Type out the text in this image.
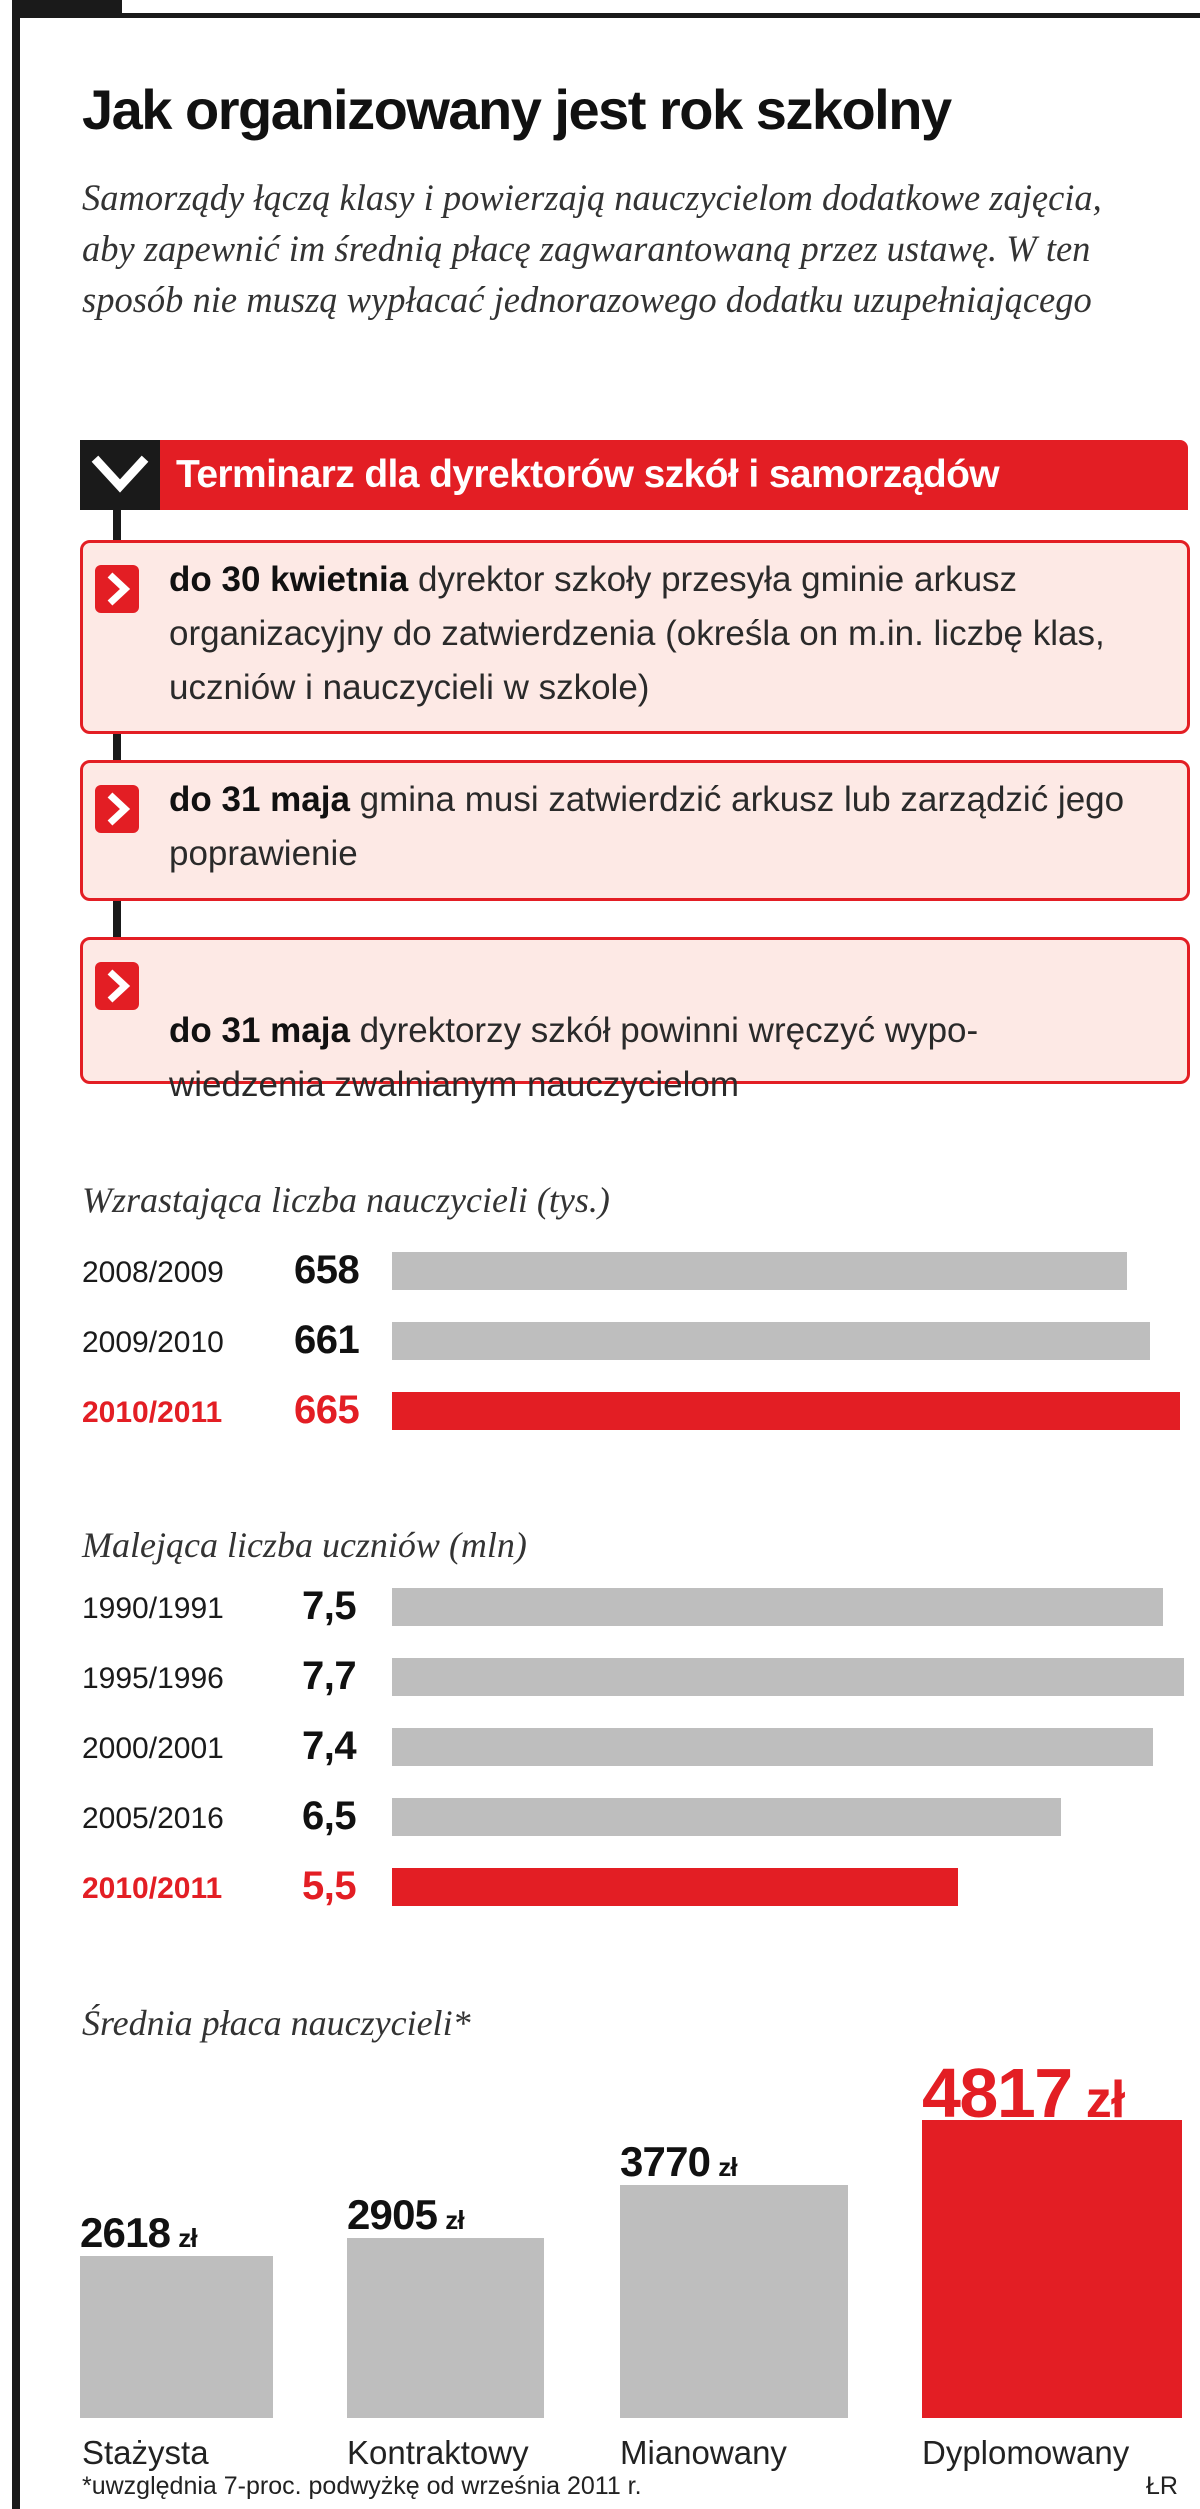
Jak organizowany jest rok szkolny

Samorządy łączą klasy i powierzają nauczycielom dodatkowe zajęcia, aby zapewnić im średnią płacę zagwarantowaną przez ustawę. W ten sposób nie muszą wypłacać jednorazowego dodatku uzupełniającego

Terminarz dla dyrektorów szkół i samorządów

do 30 kwietnia dyrektor szkoły przesyła gminie arkusz organizacyjny do zatwierdzenia (określa on m.in. liczbę klas, uczniów i nauczycieli w szkole)

do 31 maja gmina musi zatwierdzić arkusz lub zarządzić jego poprawienie

do 31 maja dyrektorzy szkół powinni wręczyć wypo-
wiedzenia zwalnianym nauczycielom

Wzrastająca liczba nauczycieli (tys.)
Malejąca liczba uczniów (mln)
Średnia płaca nauczycieli*
*uwzględnia 7-proc. podwyżkę od września 2011 r.	ŁR
2008/2009 658
2009/2010 661
2010/2011 665
1990/1991 7,5
1995/1996 7,7
2000/2001 7,4
2005/2016 6,5
2010/2011 5,5
2618 zł
Stażysta
2905 zł
Kontraktowy
3770 zł
Mianowany
4817 zł
Dyplomowany
